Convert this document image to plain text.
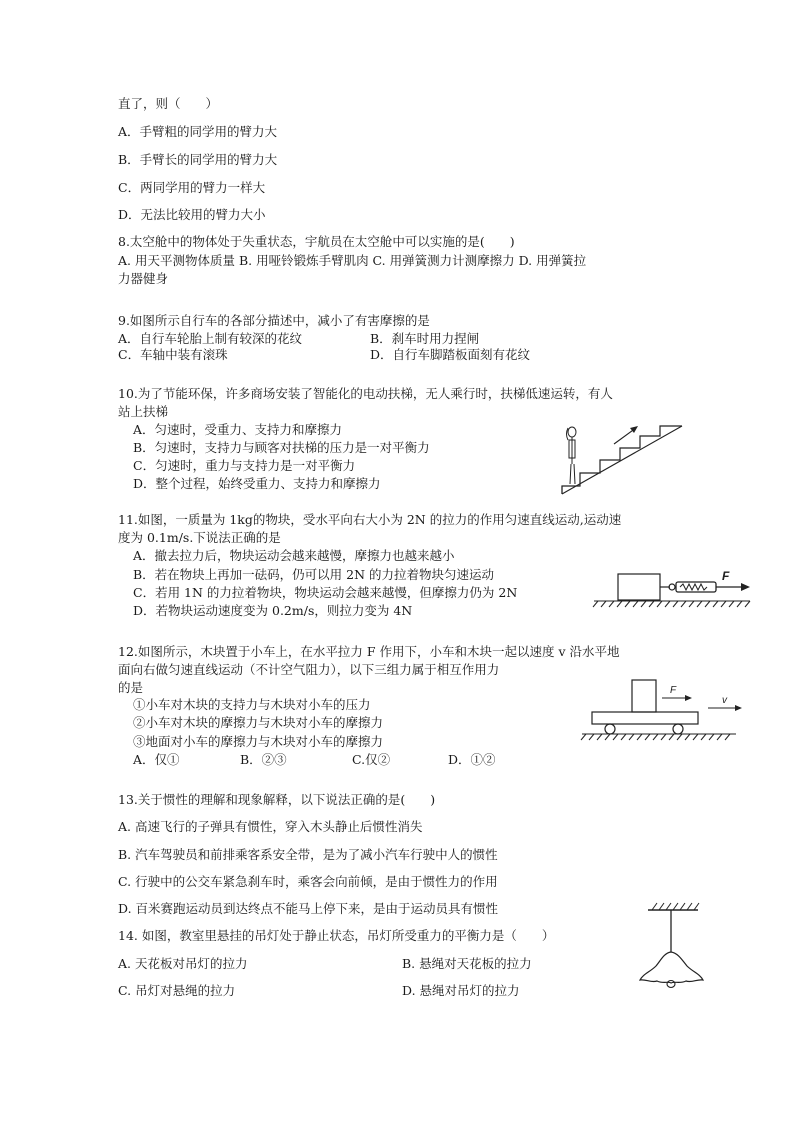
直了，则（　　）
A．手臂粗的同学用的臂力大
B．手臂长的同学用的臂力大
C．两同学用的臂力一样大
D．无法比较用的臂力大小
8.太空舱中的物体处于失重状态，宇航员在太空舱中可以实施的是(　　)
A. 用天平测物体质量 B. 用哑铃锻炼手臂肌肉 C. 用弹簧测力计测摩擦力 D. 用弹簧拉
力器健身
9.如图所示自行车的各部分描述中，减小了有害摩擦的是
A．自行车轮胎上制有较深的花纹	B．刹车时用力捏闸
C．车轴中装有滚珠	D．自行车脚踏板面刻有花纹
10.为了节能环保，许多商场安装了智能化的电动扶梯，无人乘行时，扶梯低速运转，有人
站上扶梯
A．匀速时，受重力、支持力和摩擦力
B．匀速时，支持力与顾客对扶梯的压力是一对平衡力
C．匀速时，重力与支持力是一对平衡力
D．整个过程，始终受重力、支持力和摩擦力
11.如图，一质量为 1kg的物块，受水平向右大小为 2N 的拉力的作用匀速直线运动,运动速
度为 0.1m/s.下说法正确的是
A．撤去拉力后，物块运动会越来越慢，摩擦力也越来越小
B．若在物块上再加一砝码，仍可以用 2N 的力拉着物块匀速运动
C．若用 1N 的力拉着物块，物块运动会越来越慢，但摩擦力仍为 2N
D．若物块运动速度变为 0.2m/s，则拉力变为 4N
F
12.如图所示，木块置于小车上，在水平拉力 F 作用下，小车和木块一起以速度 v 沿水平地
面向右做匀速直线运动（不计空气阻力），以下三组力属于相互作用力
的是
①小车对木块的支持力与木块对小车的压力
②小车对木块的摩擦力与木块对小车的摩擦力
③地面对小车的摩擦力与木块对小车的摩擦力
A．仅①	B．②③	C.仅②	D．①②
F
v
13.关于惯性的理解和现象解释，以下说法正确的是(　　)
A. 高速飞行的子弹具有惯性，穿入木头静止后惯性消失
B. 汽车驾驶员和前排乘客系安全带，是为了减小汽车行驶中人的惯性
C. 行驶中的公交车紧急刹车时，乘客会向前倾，是由于惯性力的作用
D. 百米赛跑运动员到达终点不能马上停下来，是由于运动员具有惯性
14. 如图，教室里悬挂的吊灯处于静止状态，吊灯所受重力的平衡力是（　　）
A. 天花板对吊灯的拉力	B. 悬绳对天花板的拉力
C. 吊灯对悬绳的拉力	D. 悬绳对吊灯的拉力
